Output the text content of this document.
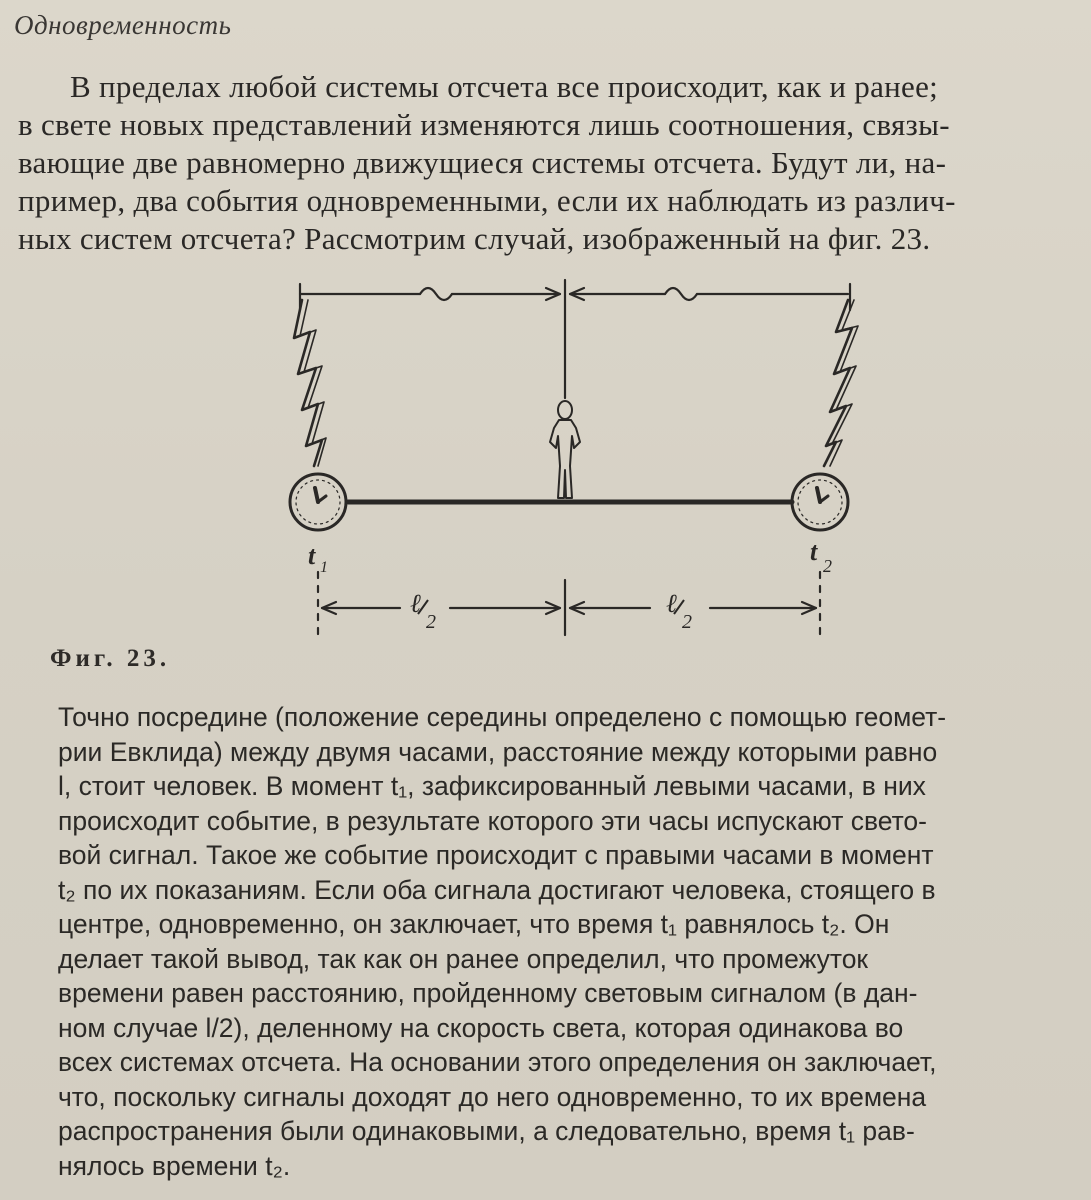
Одновременность
В пределах любой системы отсчета все происходит, как и ранее;
в свете новых представлений изменяются лишь соотношения, связы-
вающие две равномерно движущиеся системы отсчета. Будут ли, на-
пример, два события одновременными, если их наблюдать из различ-
ных систем отсчета? Рассмотрим случай, изображенный на фиг. 23.
t 1
t 2
ℓ
2
ℓ
2
Фиг. 23.
Точно посредине (положение середины определено с помощью геомет-
рии Евклида) между двумя часами, расстояние между которыми равно
l, стоит человек. В момент t₁, зафиксированный левыми часами, в них
происходит событие, в результате которого эти часы испускают свето-
вой сигнал. Такое же событие происходит с правыми часами в момент
t₂ по их показаниям. Если оба сигнала достигают человека, стоящего в
центре, одновременно, он заключает, что время t₁ равнялось t₂. Он
делает такой вывод, так как он ранее определил, что промежуток
времени равен расстоянию, пройденному световым сигналом (в дан-
ном случае l/2), деленному на скорость света, которая одинакова во
всех системах отсчета. На основании этого определения он заключает,
что, поскольку сигналы доходят до него одновременно, то их времена
распространения были одинаковыми, а следовательно, время t₁ рав-
нялось времени t₂.
